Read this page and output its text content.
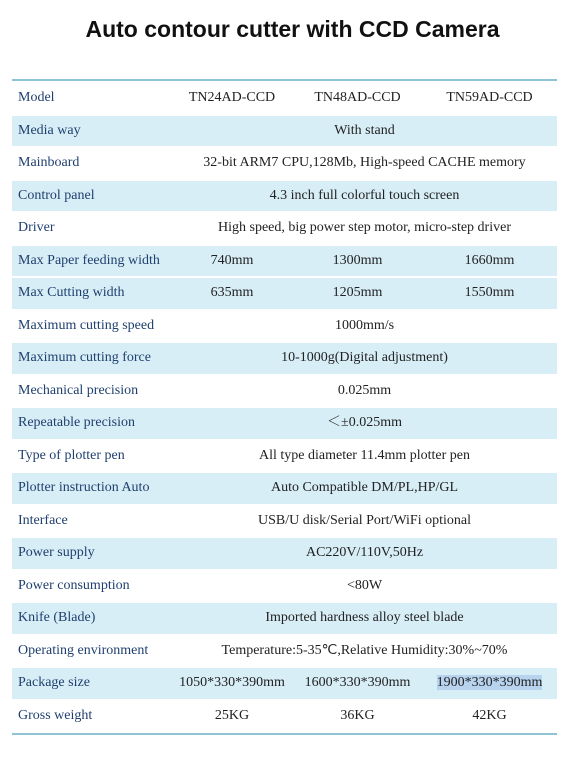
Auto contour cutter with CCD Camera
Model	TN24AD-CCD	TN48AD-CCD	TN59AD-CCD
Media way	With stand
Mainboard	32-bit ARM7 CPU,128Mb, High-speed CACHE memory
Control panel	4.3 inch full colorful touch screen
Driver	High speed, big power step motor, micro-step driver
Max Paper feeding width	740mm	1300mm	1660mm
Max Cutting width	635mm	1205mm	1550mm
Maximum cutting speed	1000mm/s
Maximum cutting force	10-1000g(Digital adjustment)
Mechanical precision	0.025mm
Repeatable precision	＜±0.025mm
Type of plotter pen	All type diameter 11.4mm plotter pen
Plotter instruction Auto	Auto Compatible DM/PL,HP/GL
Interface	USB/U disk/Serial Port/WiFi optional
Power supply	AC220V/110V,50Hz
Power consumption	<80W
Knife (Blade)	Imported hardness alloy steel blade
Operating environment	Temperature:5-35℃,Relative Humidity:30%~70%
Package size	1050*330*390mm	1600*330*390mm	1900*330*390mm
Gross weight	25KG	36KG	42KG
